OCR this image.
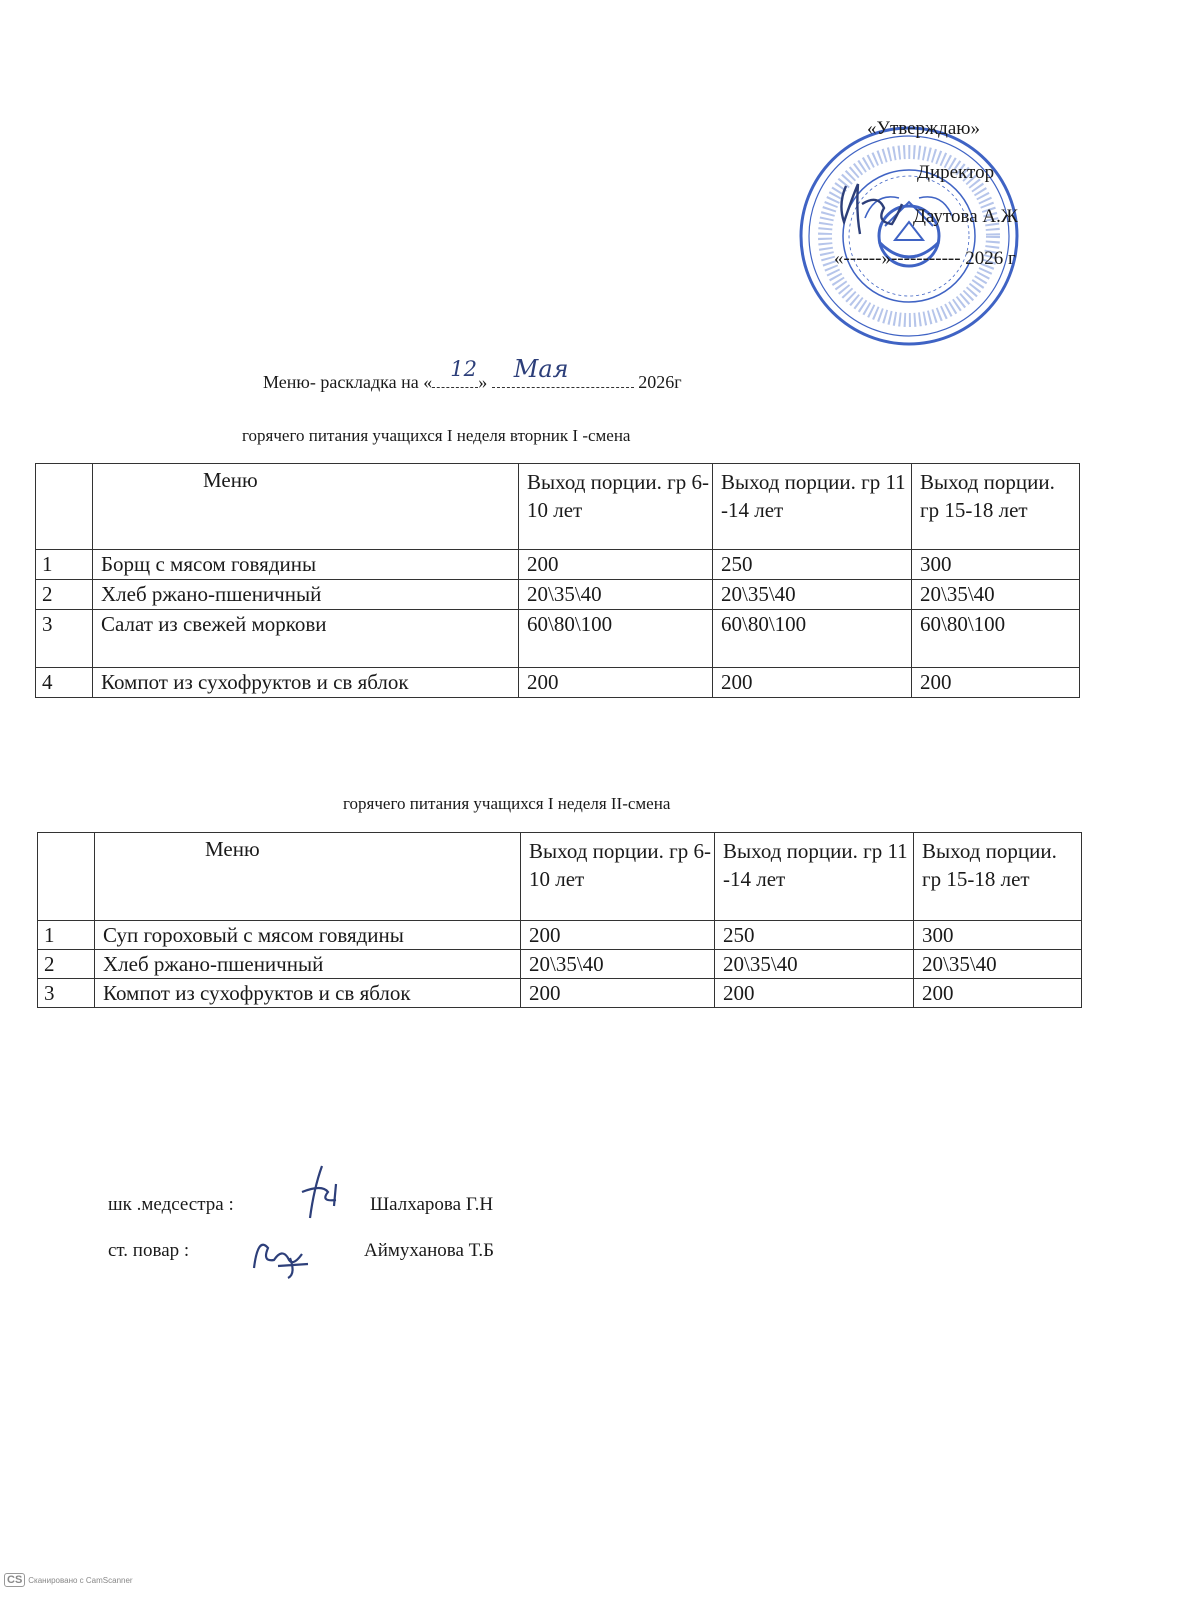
«Утверждаю»
Директор
Даутова А.Ж
«------»----------- 2026 г
Меню- раскладка на «
12
» Мая	2026г
горячего питания учащихся I неделя вторник I -смена
	Меню	Выход порции. гр 6-10 лет	Выход порции. гр 11 -14 лет	Выход порции. гр 15-18 лет
1	Борщ с мясом говядины	200	250	300
2	Хлеб ржано-пшеничный	20\35\40	20\35\40	20\35\40
3	Салат из свежей моркови	60\80\100	60\80\100	60\80\100
4	Компот из сухофруктов и св яблок	200	200	200
горячего питания учащихся I неделя II-смена
	Меню	Выход порции. гр 6-10 лет	Выход порции. гр 11 -14 лет	Выход порции. гр 15-18 лет
1	Суп гороховый с мясом говядины	200	250	300
2	Хлеб ржано-пшеничный	20\35\40	20\35\40	20\35\40
3	Компот из сухофруктов и св яблок	200	200	200
шк .медсестра :	Шалхарова Г.Н
ст. повар :	Аймуханова Т.Б
CS Сканировано с CamScanner
